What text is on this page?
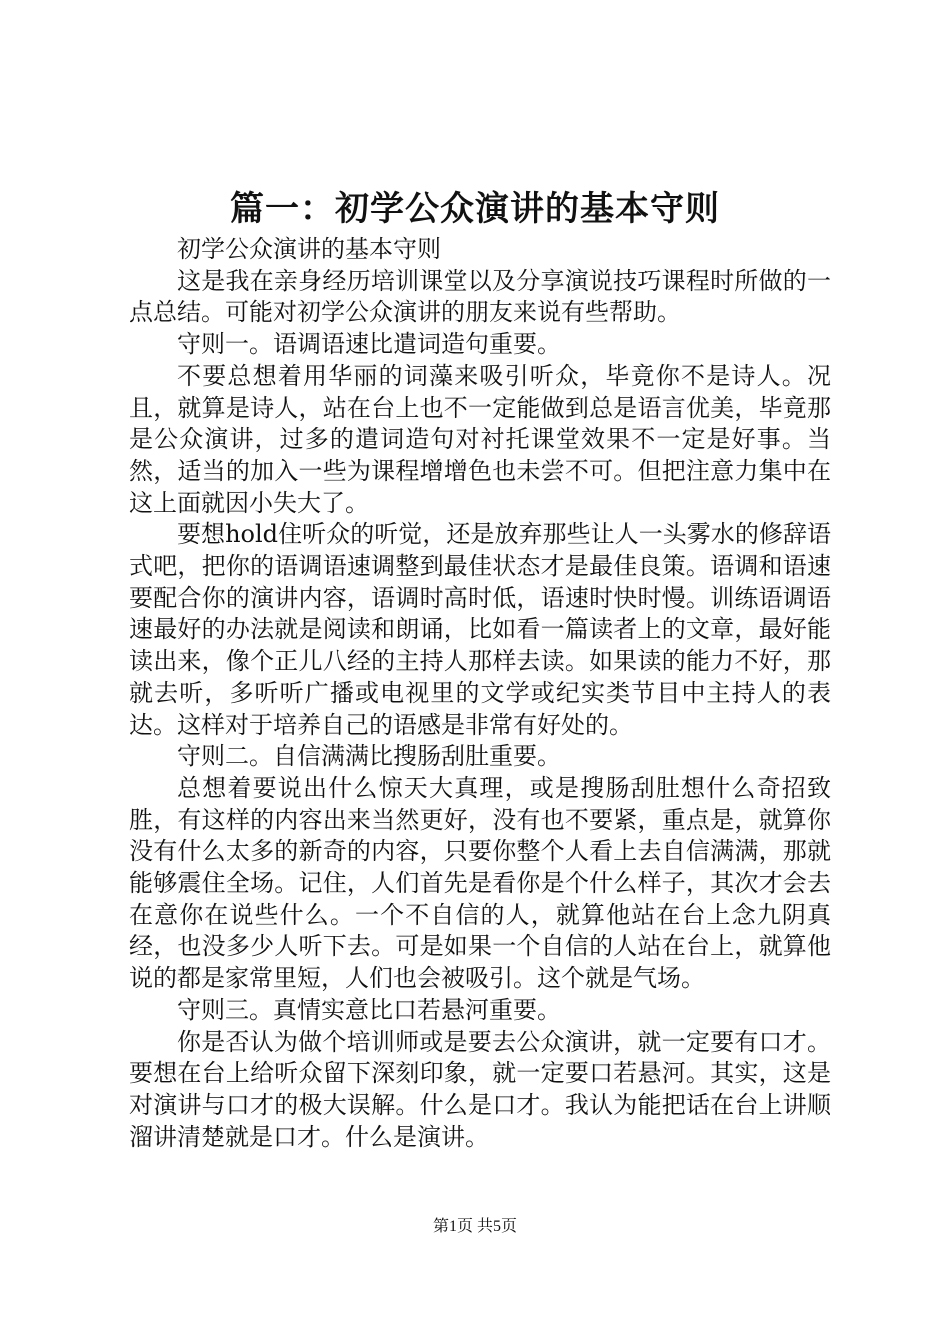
篇一：初学公众演讲的基本守则

初学公众演讲的基本守则

这是我在亲身经历培训课堂以及分享演说技巧课程时所做的一点总结。可能对初学公众演讲的朋友来说有些帮助。

守则一。语调语速比遣词造句重要。

不要总想着用华丽的词藻来吸引听众，毕竟你不是诗人。况且，就算是诗人，站在台上也不一定能做到总是语言优美，毕竟那是公众演讲，过多的遣词造句对衬托课堂效果不一定是好事。当然，适当的加入一些为课程增增色也未尝不可。但把注意力集中在这上面就因小失大了。

要想hold住听众的听觉，还是放弃那些让人一头雾水的修辞语式吧，把你的语调语速调整到最佳状态才是最佳良策。语调和语速要配合你的演讲内容，语调时高时低，语速时快时慢。训练语调语速最好的办法就是阅读和朗诵，比如看一篇读者上的文章，最好能读出来，像个正儿八经的主持人那样去读。如果读的能力不好，那就去听，多听听广播或电视里的文学或纪实类节目中主持人的表达。这样对于培养自己的语感是非常有好处的。

守则二。自信满满比搜肠刮肚重要。

总想着要说出什么惊天大真理，或是搜肠刮肚想什么奇招致胜，有这样的内容出来当然更好，没有也不要紧，重点是，就算你没有什么太多的新奇的内容，只要你整个人看上去自信满满，那就能够震住全场。记住，人们首先是看你是个什么样子，其次才会去在意你在说些什么。一个不自信的人，就算他站在台上念九阴真经，也没多少人听下去。可是如果一个自信的人站在台上，就算他说的都是家常里短，人们也会被吸引。这个就是气场。

守则三。真情实意比口若悬河重要。

你是否认为做个培训师或是要去公众演讲，就一定要有口才。要想在台上给听众留下深刻印象，就一定要口若悬河。其实，这是对演讲与口才的极大误解。什么是口才。我认为能把话在台上讲顺溜讲清楚就是口才。什么是演讲。

第1页 共5页
